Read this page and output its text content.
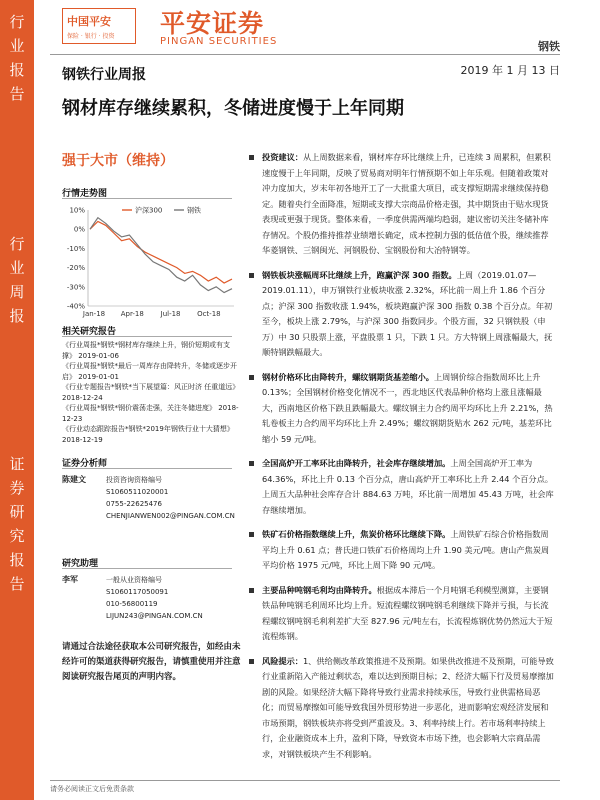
行
业
报
告
行
业
周
报
证
券
研
究
报
告
中国平安
保险 · 银行 · 投资 平安证券
PINGAN SECURITIES	钢铁
钢铁行业周报	2019 年 1 月 13 日
钢材库存继续累积，冬储进度慢于上年同期
强于大市（维持）
行情走势图
10%
0%
-10%
-20%
-30%
-40%
Jan-18 Apr-18 Jul-18 Oct-18
沪深300	钢铁
相关研究报告
《行业周报*钢铁*钢材库存继续上升，钢价短期或有支撑》 2019-01-06
《行业周报*钢铁*最后一周库存由降转升，冬储或逐步开启》 2019-01-01
《行业专题报告*钢铁*当下展望篇：风正时济 任重道远》 2018-12-24
《行业周报*钢铁*钢价震荡走强，关注冬储进度》 2018-12-23
《行业动态跟踪报告*钢铁*2019年钢铁行业十大猜想》 2018-12-19
证券分析师
陈建文	投资咨询资格编号
S1060511020001
0755-22625476
CHENJIANWEN002@PINGAN.COM.CN
研究助理
李军	一般从业资格编号
S1060117050091
010-56800119
LIJUN243@PINGAN.COM.CN
请通过合法途径获取本公司研究报告，如经由未经许可的渠道获得研究报告，请慎重使用并注意阅读研究报告尾页的声明内容。
投资建议：从上周数据来看，钢材库存环比继续上升，已连续 3 周累积，但累积速度慢于上年同期，反映了贸易商对明年行情预期不如上年乐观。但随着政策对冲力度加大，岁末年初各地开工了一大批重大项目，或支撑短期需求继续保持稳定。随着央行全面降准，短期或支撑大宗商品价格走强，其中期货由于贴水现货表现或更强于现货。整体来看，一季度供需两端均趋弱，建议密切关注冬储补库存情况。个股仍推持推荐业绩增长确定，成本控制力强的低估值个股，继续推荐华菱钢铁、三钢闽光、河钢股份、宝钢股份和大冶特钢等。
钢铁板块涨幅周环比继续上升，跑赢沪深 300 指数。上周（2019.01.07—2019.01.11），申万钢铁行业板块收涨 2.32%，环比前一周上升 1.86 个百分点；沪深 300 指数收涨 1.94%，板块跑赢沪深 300 指数 0.38 个百分点。年初至今，板块上涨 2.79%，与沪深 300 指数同步。个股方面，32 只钢铁股（申万）中 30 只股票上涨，平盘股票 1 只，下跌 1 只。方大特钢上周涨幅最大，抚顺特钢跌幅最大。
钢材价格环比由降转升，螺纹钢期货基差缩小。上周钢价综合指数周环比上升 0.13%；全国钢材价格变化情况不一，西北地区代表品种价格均上涨且涨幅最大，西南地区价格下跌且跌幅最大。螺纹钢主力合约周平均环比上升 2.21%，热轧卷板主力合约周平均环比上升 2.49%；螺纹钢期货贴水 262 元/吨，基差环比缩小 59 元/吨。
全国高炉开工率环比由降转升，社会库存继续增加。上周全国高炉开工率为 64.36%，环比上升 0.13 个百分点，唐山高炉开工率环比上升 2.44 个百分点。上周五大品种社会库存合计 884.63 万吨，环比前一周增加 45.43 万吨，社会库存继续增加。
铁矿石价格指数继续上升，焦炭价格环比继续下降。上周铁矿石综合价格指数周平均上升 0.61 点；普氏进口铁矿石价格周均上升 1.90 美元/吨。唐山产焦炭周平均价格 1975 元/吨，环比上周下降 90 元/吨。
主要品种吨钢毛利均由降转升。根据成本滞后一个月吨钢毛利模型测算，主要钢铁品种吨钢毛利周环比均上升。短流程螺纹钢吨钢毛利继续下降并亏损，与长流程螺纹钢吨钢毛利利差扩大至 827.96 元/吨左右，长流程炼钢优势仍然远大于短流程炼钢。
风险提示：1、供给侧改革政策推进不及预期。如果供改推进不及预期，可能导致行业重新陷入产能过剩状态，难以达到预期目标；2、经济大幅下行及贸易摩擦加剧的风险。如果经济大幅下降将导致行业需求持续承压，导致行业供需格局恶化；而贸易摩擦如可能导致我国外贸形势进一步恶化，进而影响宏观经济发展和市场预期，钢铁板块亦将受到严重波及。3、利率持续上行。若市场利率持续上行，企业融资成本上升，盈利下降，导致资本市场下挫，也会影响大宗商品需求，对钢铁板块产生不利影响。
请务必阅读正文后免责条款
